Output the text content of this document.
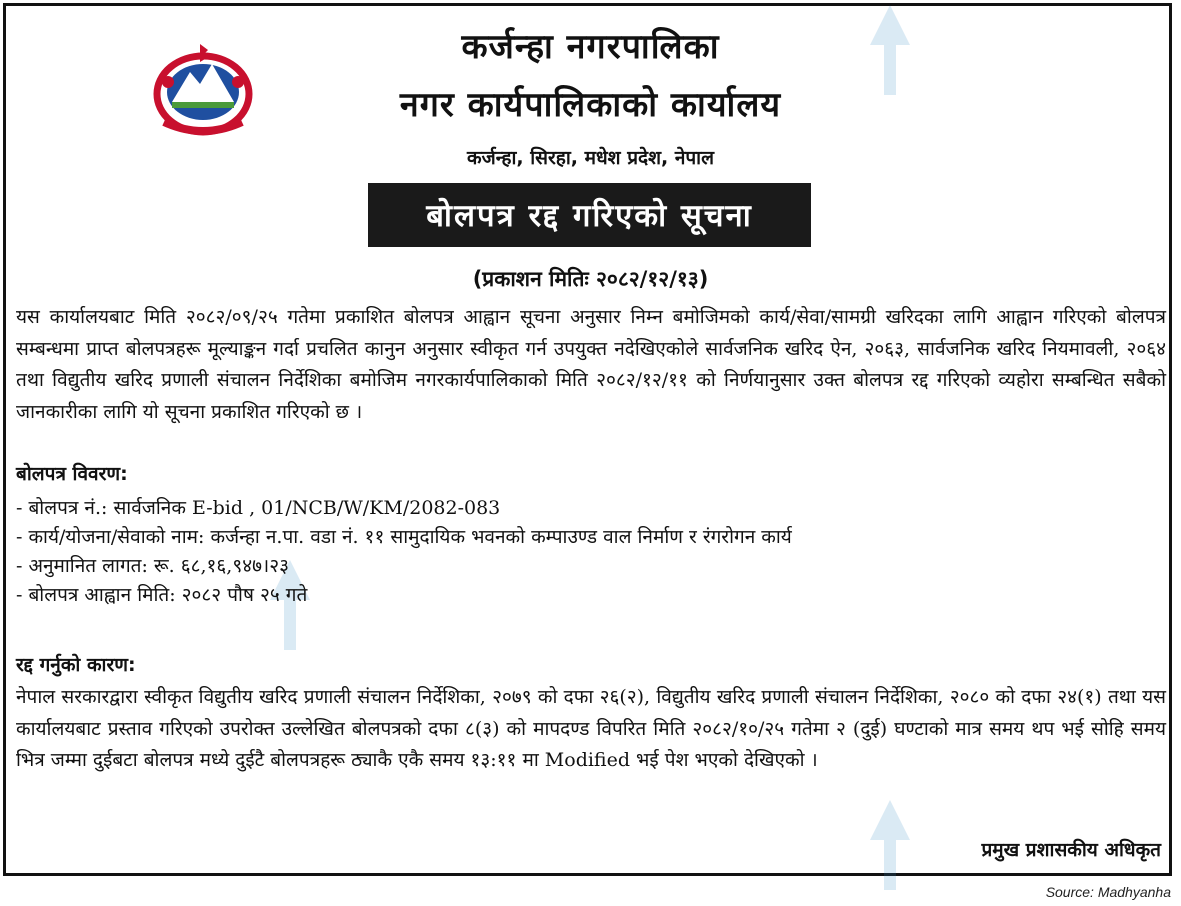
कर्जन्हा नगरपालिका
नगर कार्यपालिकाको कार्यालय
कर्जन्हा, सिरहा, मधेश प्रदेश, नेपाल
बोलपत्र रद्द गरिएको सूचना
(प्रकाशन मितिः २०८२/१२/१३)
यस कार्यालयबाट मिति २०८२/०९/२५ गतेमा प्रकाशित बोलपत्र आह्वान सूचना अनुसार निम्न बमोजिमको कार्य/सेवा/सामग्री खरिदका लागि आह्वान गरिएको बोलपत्र सम्बन्धमा प्राप्त बोलपत्रहरू मूल्याङ्कन गर्दा प्रचलित कानुन अनुसार स्वीकृत गर्न उपयुक्त नदेखिएकोले सार्वजनिक खरिद ऐन, २०६३, सार्वजनिक खरिद नियमावली, २०६४ तथा विद्युतीय खरिद प्रणाली संचालन निर्देशिका बमोजिम नगरकार्यपालिकाको मिति २०८२/१२/११ को निर्णयानुसार उक्त बोलपत्र रद्द गरिएको व्यहोरा सम्बन्धित सबैको जानकारीका लागि यो सूचना प्रकाशित गरिएको छ ।
बोलपत्र विवरण:
- बोलपत्र नं.: सार्वजनिक E-bid , 01/NCB/W/KM/2082-083
- कार्य/योजना/सेवाको नाम: कर्जन्हा न.पा. वडा नं. ११ सामुदायिक भवनको कम्पाउण्ड वाल निर्माण र रंगरोगन कार्य
- अनुमानित लागत: रू. ६८,१६,९४७।२३
- बोलपत्र आह्वान मिति: २०८२ पौष २५ गते
रद्द गर्नुको कारण:
नेपाल सरकारद्वारा स्वीकृत विद्युतीय खरिद प्रणाली संचालन निर्देशिका, २०७९ को दफा २६(२), विद्युतीय खरिद प्रणाली संचालन निर्देशिका, २०८० को दफा २४(१) तथा यस कार्यालयबाट प्रस्ताव गरिएको उपरोक्त उल्लेखित बोलपत्रको दफा ८(३) को मापदण्ड विपरित मिति २०८२/१०/२५ गतेमा २ (दुई) घण्टाको मात्र समय थप भई सोहि समय भित्र जम्मा दुईबटा बोलपत्र मध्ये दुईटै बोलपत्रहरू ठ्याकै एकै समय १३:११ मा Modified भई पेश भएको देखिएको ।
प्रमुख प्रशासकीय अधिकृत
Source: Madhyanha
